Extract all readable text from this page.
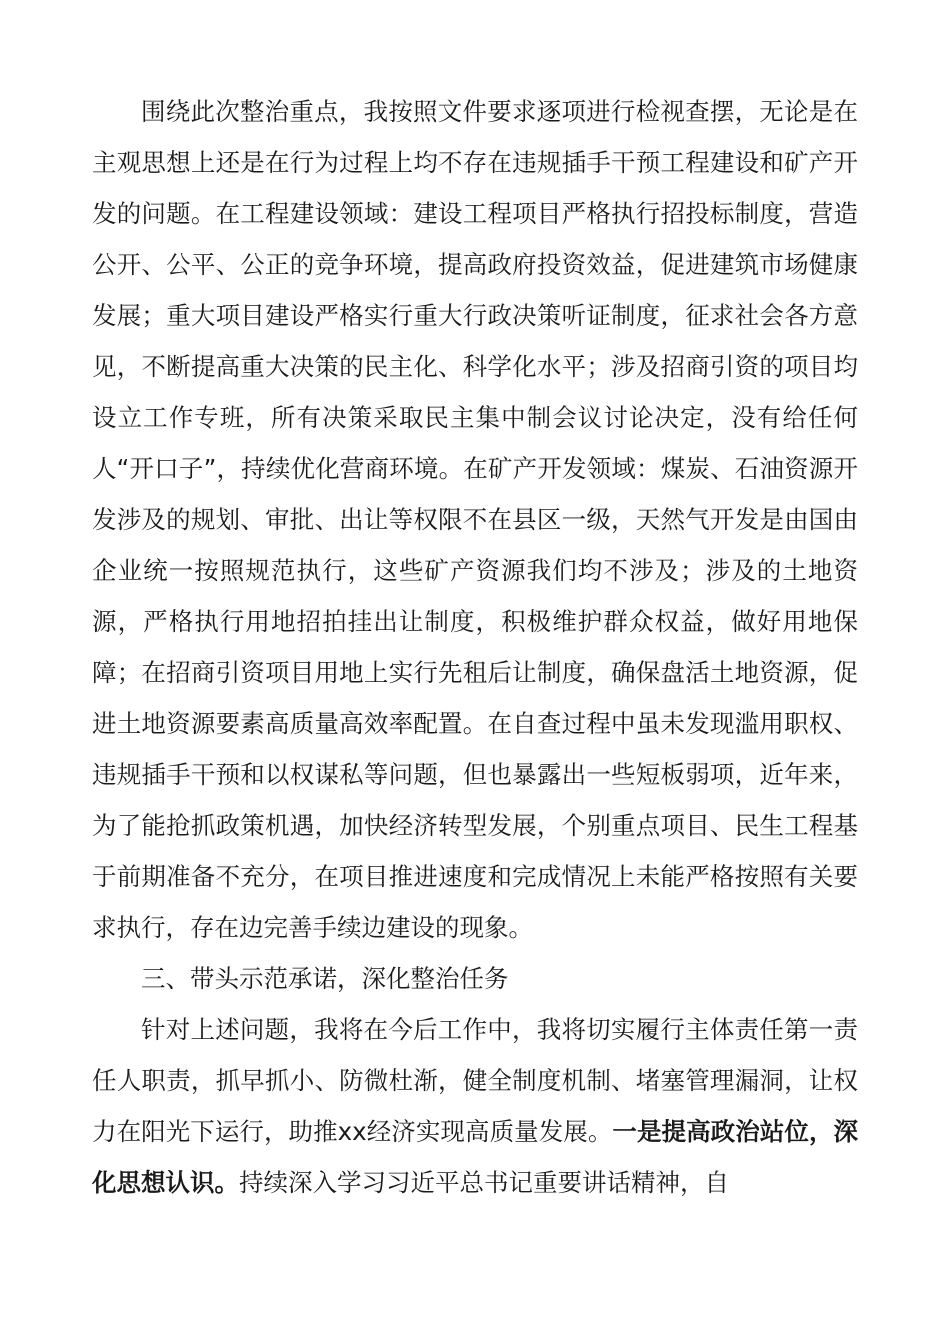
围绕此次整治重点，我按照文件要求逐项进行检视查摆，无论是在主观思想上还是在行为过程上均不存在违规插手干预工程建设和矿产开发的问题。在工程建设领域：建设工程项目严格执行招投标制度，营造公开、公平、公正的竞争环境，提高政府投资效益，促进建筑市场健康发展；重大项目建设严格实行重大行政决策听证制度，征求社会各方意见，不断提高重大决策的民主化、科学化水平；涉及招商引资的项目均设立工作专班，所有决策采取民主集中制会议讨论决定，没有给任何人“开口子”，持续优化营商环境。在矿产开发领域：煤炭、石油资源开发涉及的规划、审批、出让等权限不在县区一级，天然气开发是由国由企业统一按照规范执行，这些矿产资源我们均不涉及；涉及的土地资源，严格执行用地招拍挂出让制度，积极维护群众权益，做好用地保障；在招商引资项目用地上实行先租后让制度，确保盘活土地资源，促进土地资源要素高质量高效率配置。在自查过程中虽未发现滥用职权、违规插手干预和以权谋私等问题，但也暴露出一些短板弱项，近年来，为了能抢抓政策机遇，加快经济转型发展，个别重点项目、民生工程基于前期准备不充分，在项目推进速度和完成情况上未能严格按照有关要求执行，存在边完善手续边建设的现象。

三、带头示范承诺，深化整治任务

针对上述问题，我将在今后工作中，我将切实履行主体责任第一责任人职责，抓早抓小、防微杜渐，健全制度机制、堵塞管理漏洞，让权力在阳光下运行，助推xx经济实现高质量发展。一是提高政治站位，深化思想认识。持续深入学习习近平总书记重要讲话精神，自
